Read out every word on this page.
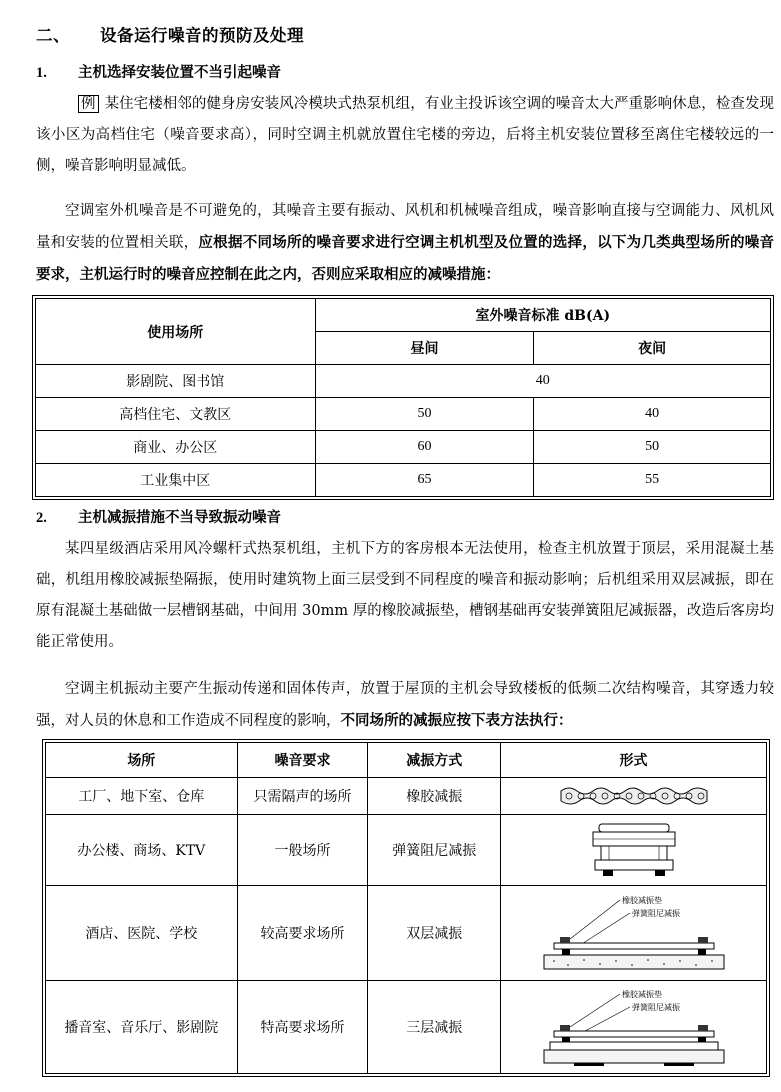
二、 设备运行噪音的预防及处理
1. 主机选择安装位置不当引起噪音
例 某住宅楼相邻的健身房安装风冷模块式热泵机组，有业主投诉该空调的噪音太大严重影响休息，检查发现该小区为高档住宅（噪音要求高），同时空调主机就放置住宅楼的旁边，后将主机安装位置移至离住宅楼较远的一侧，噪音影响明显减低。
空调室外机噪音是不可避免的，其噪音主要有振动、风机和机械噪音组成，噪音影响直接与空调能力、风机风量和安装的位置相关联，应根据不同场所的噪音要求进行空调主机机型及位置的选择，以下为几类典型场所的噪音要求，主机运行时的噪音应控制在此之内，否则应采取相应的减噪措施：
使用场所	室外噪音标准 dB(A)	
	昼间	夜间
影剧院、图书馆	40	
高档住宅、文教区	50	40
商业、办公区	60	50
工业集中区	65	55
2. 主机减振措施不当导致振动噪音
某四星级酒店采用风冷螺杆式热泵机组，主机下方的客房根本无法使用，检查主机放置于顶层，采用混凝土基础，机组用橡胶减振垫隔振，使用时建筑物上面三层受到不同程度的噪音和振动影响；后机组采用双层减振，即在原有混凝土基础做一层槽钢基础，中间用 30mm 厚的橡胶减振垫，槽钢基础再安装弹簧阻尼减振器，改造后客房均能正常使用。
空调主机振动主要产生振动传递和固体传声，放置于屋顶的主机会导致楼板的低频二次结构噪音，其穿透力较强，对人员的休息和工作造成不同程度的影响，不同场所的减振应按下表方法执行：
场所	噪音要求	减振方式	形式
工厂、地下室、仓库	只需隔声的场所	橡胶减振	

办公楼、商场、KTV	一般场所	弹簧阻尼减振	

酒店、医院、学校	较高要求场所	双层减振	橡胶减振垫
弹簧阻尼减振

播音室、音乐厅、影剧院	特高要求场所	三层减振	橡胶减振垫
弹簧阻尼减振
